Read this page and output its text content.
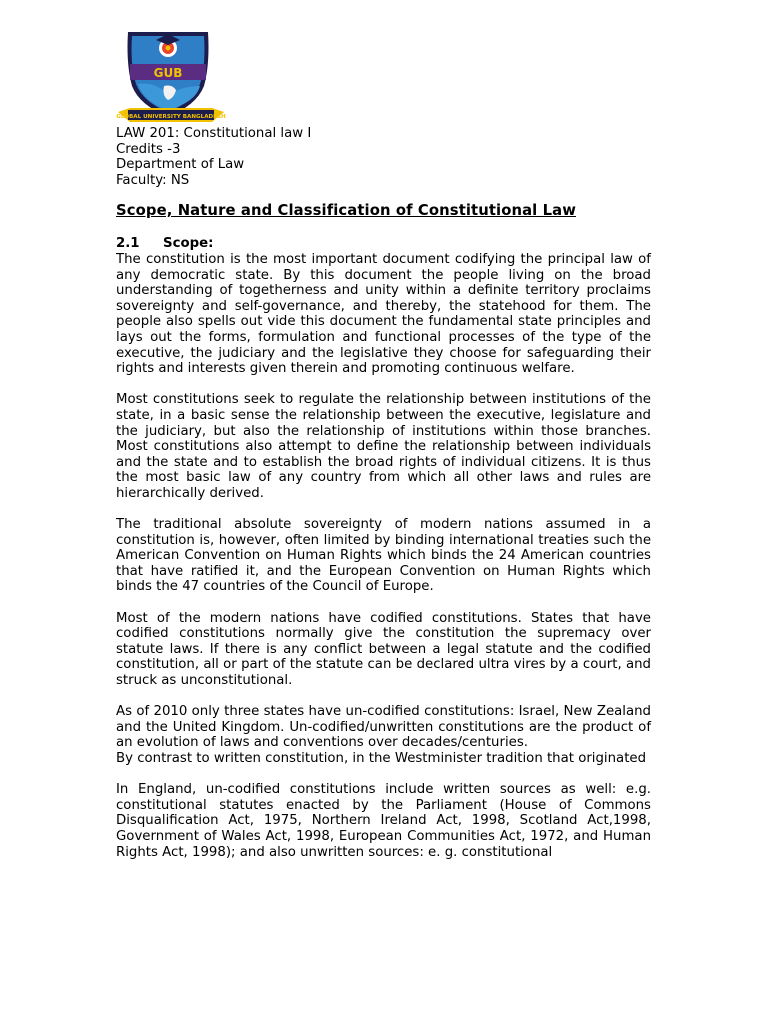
GUB
GLOBAL UNIVERSITY BANGLADESH
LAW 201: Constitutional law I
Credits -3
Department of Law
Faculty: NS
Scope, Nature and Classification of Constitutional Law
2.1 Scope:

The constitution is the most important document codifying the principal law of any democratic state. By this document the people living on the broad understanding of togetherness and unity within a definite territory proclaims sovereignty and self-governance, and thereby, the statehood for them. The people also spells out vide this document the fundamental state principles and lays out the forms, formulation and functional processes of the type of the executive, the judiciary and the legislative they choose for safeguarding their rights and interests given therein and promoting continuous welfare.

Most constitutions seek to regulate the relationship between institutions of the state, in a basic sense the relationship between the executive, legislature and the judiciary, but also the relationship of institutions within those branches. Most constitutions also attempt to define the relationship between individuals and the state and to establish the broad rights of individual citizens. It is thus the most basic law of any country from which all other laws and rules are hierarchically derived.

The traditional absolute sovereignty of modern nations assumed in a constitution is, however, often limited by binding international treaties such the American Convention on Human Rights which binds the 24 American countries that have ratified it, and the European Convention on Human Rights which binds the 47 countries of the Council of Europe.

Most of the modern nations have codified constitutions. States that have codified constitutions normally give the constitution the supremacy over statute laws. If there is any conflict between a legal statute and the codified constitution, all or part of the statute can be declared ultra vires by a court, and struck as unconstitutional.

As of 2010 only three states have un-codified constitutions: Israel, New Zealand and the United Kingdom. Un-codified/unwritten constitutions are the product of an evolution of laws and conventions over decades/centuries.

By contrast to written constitution, in the Westminister tradition that originated

In England, un-codified constitutions include written sources as well: e.g. constitutional statutes enacted by the Parliament (House of Commons Disqualification Act, 1975, Northern Ireland Act, 1998, Scotland Act,1998, Government of Wales Act, 1998, European Communities Act, 1972, and Human Rights Act, 1998); and also unwritten sources: e. g. constitutional
